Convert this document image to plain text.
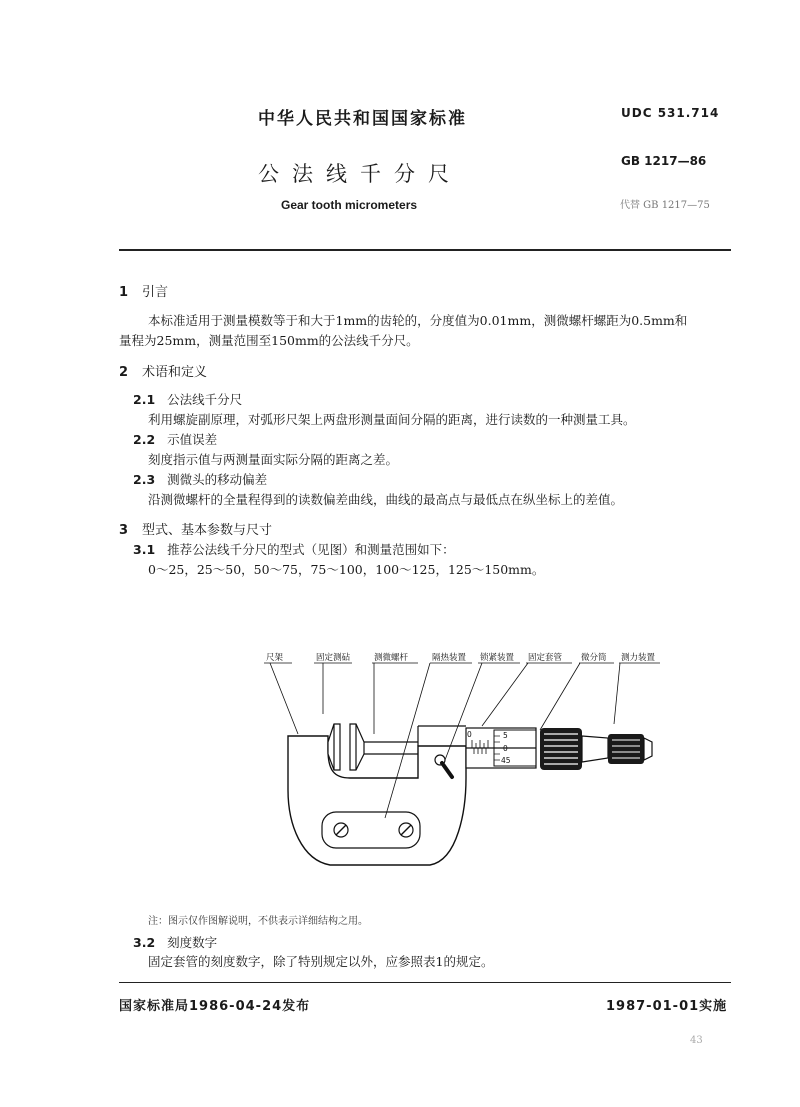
中华人民共和国国家标准	UDC 531.714
公法线千分尺
GB 1217—86
Gear tooth micrometers	代替 GB 1217—75
1 引言
本标准适用于测量模数等于和大于1mm的齿轮的，分度值为0.01mm，测微螺杆螺距为0.5mm和
量程为25mm，测量范围至150mm的公法线千分尺。
2 术语和定义
2.1 公法线千分尺
利用螺旋副原理，对弧形尺架上两盘形测量面间分隔的距离，进行读数的一种测量工具。
2.2 示值误差
刻度指示值与两测量面实际分隔的距离之差。
2.3 测微头的移动偏差
沿测微螺杆的全量程得到的读数偏差曲线，曲线的最高点与最低点在纵坐标上的差值。
3 型式、基本参数与尺寸
3.1 推荐公法线千分尺的型式（见图）和测量范围如下：
0～25，25～50，50～75，75～100，100～125，125～150mm。
尺架	固定测砧	测微螺杆	隔热装置 锁紧装置 固定套管 微分筒 测力装置
0	5
0
45
注：图示仅作图解说明，不供表示详细结构之用。
3.2 刻度数字
固定套管的刻度数字，除了特别规定以外，应参照表1的规定。
国家标准局1986-04-24发布	1987-01-01实施
43
